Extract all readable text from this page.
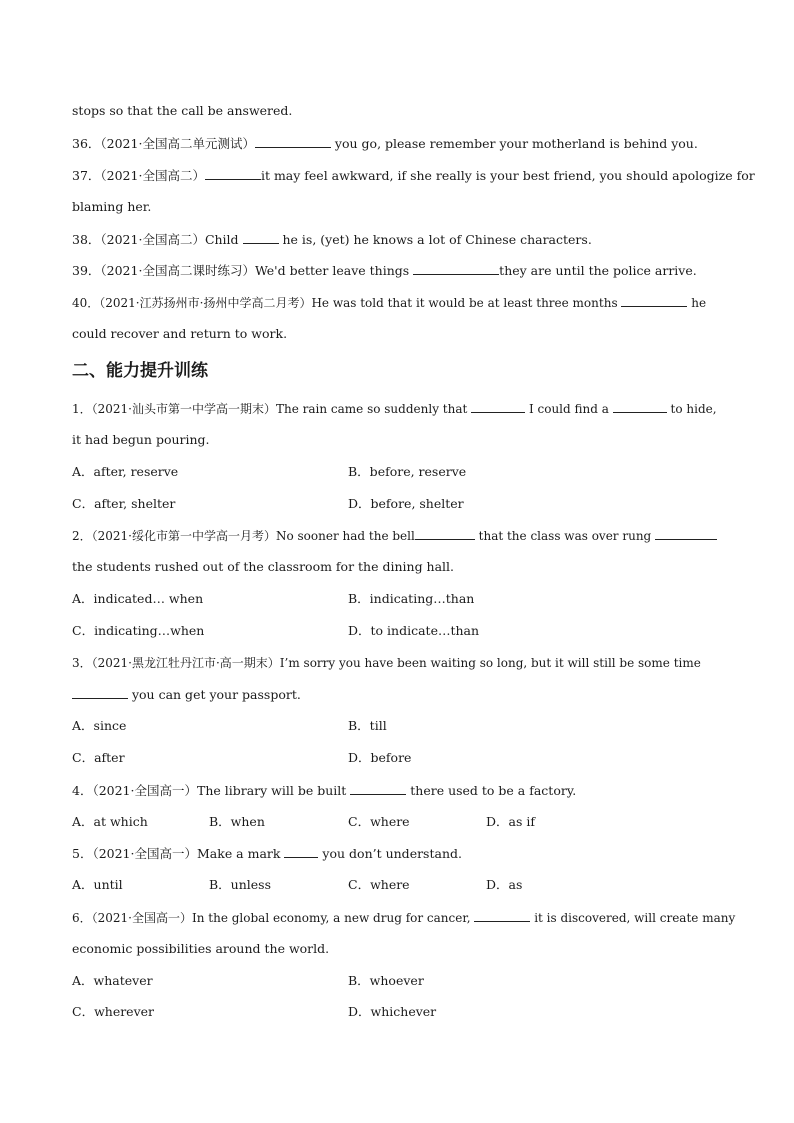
stops so that the call be answered.
36．（2021·全国高二单元测试）	you go, please remember your motherland is behind you.
37．（2021·全国高二）	it may feel awkward, if she really is your best friend, you should apologize for
blaming her.
38．（2021·全国高二）Child	he is, (yet) he knows a lot of Chinese characters.
39．（2021·全国高二课时练习）We'd better leave things	they are until the police arrive.
40．（2021·江苏扬州市·扬州中学高二月考）He was told that it would be at least three months	he
could recover and return to work.
二、能力提升训练
1．（2021·汕头市第一中学高一期末）The rain came so suddenly that	I could find a	to hide,
it had begun pouring.
A．after, reserve	B．before, reserve
C．after, shelter	D．before, shelter
2．（2021·绥化市第一中学高一月考）No sooner had the bell	that the class was over rung
the students rushed out of the classroom for the dining hall.
A．indicated… when	B．indicating…than
C．indicating…when	D．to indicate…than
3．（2021·黑龙江牡丹江市·高一期末）I’m sorry you have been waiting so long, but it will still be some time
you can get your passport.
A．since	B．till
C．after	D．before
4．（2021·全国高一）The library will be built	there used to be a factory.
A．at which	B．when	C．where	D．as if
5．（2021·全国高一）Make a mark	you don’t understand.
A．until	B．unless	C．where	D．as
6．（2021·全国高一）In the global economy, a new drug for cancer,	it is discovered, will create many
economic possibilities around the world.
A．whatever	B．whoever
C．wherever	D．whichever
